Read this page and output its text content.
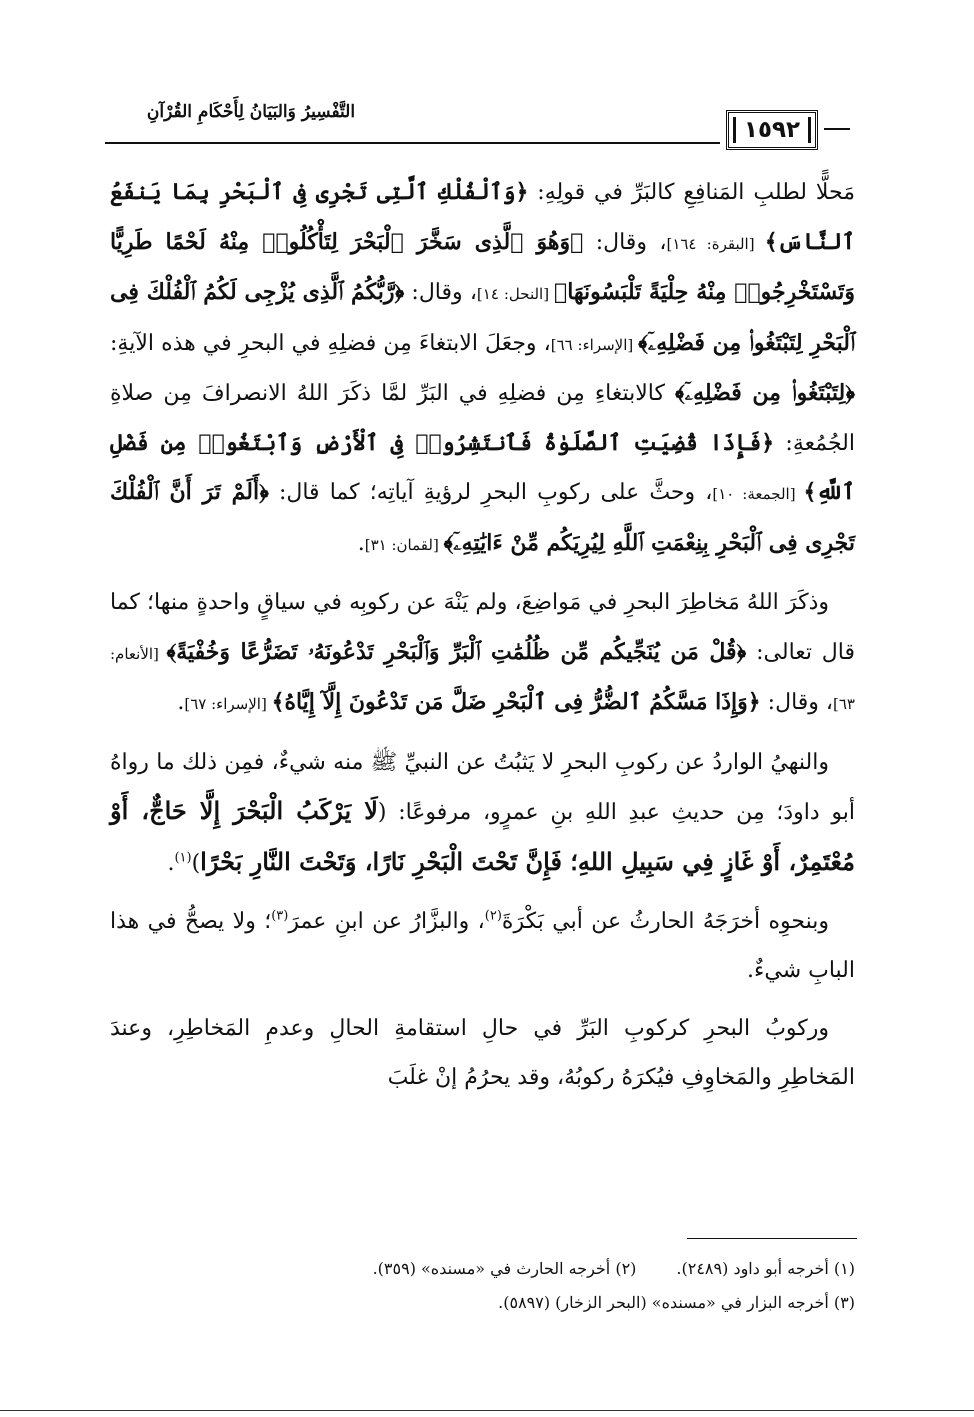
١٥٩٢
التَّفْسِيرُ وَالبَيَانُ لِأَحْكَامِ القُرْآنِ

مَحلًّا لطلبِ المَنافِعِ كالبَرِّ في قولِهِ: ﴿وَٱلْفُلْكِ ٱلَّتِى تَجْرِى فِى ٱلْبَحْرِ بِمَا يَنفَعُ ٱلنَّاسَ﴾ [البقرة: ١٦٤]، وقال: ﴿وَهُوَ ٱلَّذِى سَخَّرَ ٱلْبَحْرَ لِتَأْكُلُوا۟ مِنْهُ لَحْمًا طَرِيًّا وَتَسْتَخْرِجُوا۟ مِنْهُ حِلْيَةً تَلْبَسُونَهَا﴾ [النحل: ١٤]، وقال: ﴿رَّبُّكُمُ ٱلَّذِى يُزْجِى لَكُمُ ٱلْفُلْكَ فِى ٱلْبَحْرِ لِتَبْتَغُوا۟ مِن فَضْلِهِۦٓ﴾ [الإسراء: ٦٦]، وجعَلَ الابتغاءَ مِن فضلِهِ في البحرِ في هذه الآيةِ: ﴿لِتَبْتَغُوا۟ مِن فَضْلِهِۦٓ﴾ كالابتغاءِ مِن فضلِهِ في البَرِّ لمَّا ذكَرَ اللهُ الانصرافَ مِن صلاةِ الجُمُعةِ: ﴿فَإِذَا قُضِيَتِ ٱلصَّلَوٰةُ فَٱنتَشِرُوا۟ فِى ٱلْأَرْضِ وَٱبْتَغُوا۟ مِن فَضْلِ ٱللَّهِ﴾ [الجمعة: ١٠]، وحثَّ على ركوبِ البحرِ لرؤيةِ آياتِه؛ كما قال: ﴿أَلَمْ تَرَ أَنَّ ٱلْفُلْكَ تَجْرِى فِى ٱلْبَحْرِ بِنِعْمَتِ ٱللَّهِ لِيُرِيَكُم مِّنْ ءَايَٰتِهِۦٓ﴾ [لقمان: ٣١].

وذكَرَ اللهُ مَخاطِرَ البحرِ في مَواضِعَ، ولم يَنْهَ عن ركوبِه في سياقٍ واحدةٍ منها؛ كما قال تعالى: ﴿قُلْ مَن يُنَجِّيكُم مِّن ظُلُمَٰتِ ٱلْبَرِّ وَٱلْبَحْرِ تَدْعُونَهُۥ تَضَرُّعًا وَخُفْيَةً﴾ [الأنعام: ٦٣]، وقال: ﴿وَإِذَا مَسَّكُمُ ٱلضُّرُّ فِى ٱلْبَحْرِ ضَلَّ مَن تَدْعُونَ إِلَّآ إِيَّاهُ﴾ [الإسراء: ٦٧].

والنهيُ الواردُ عن ركوبِ البحرِ لا يَثبُتُ عن النبيِّ ﷺ منه شيءٌ، فمِن ذلك ما رواهُ أبو داودَ؛ مِن حديثِ عبدِ اللهِ بنِ عمرٍو، مرفوعًا: (لَا يَرْكَبُ الْبَحْرَ إِلَّا حَاجٌّ، أَوْ مُعْتَمِرٌ، أَوْ غَازٍ فِي سَبِيلِ اللهِ؛ فَإِنَّ تَحْتَ الْبَحْرِ نَارًا، وَتَحْتَ النَّارِ بَحْرًا)$^{(١)}$.

وبنحوِه أخرَجَهُ الحارثُ عن أبي بَكْرَةَ$^{(٢)}$، والبزَّارُ عن ابنِ عمرَ$^{(٣)}$؛ ولا يصحُّ في هذا البابِ شيءٌ.

وركوبُ البحرِ كركوبِ البَرِّ في حالِ استقامةِ الحالِ وعدمِ المَخاطِرِ، وعندَ المَخاطِرِ والمَخاوِفِ فيُكرَهُ ركوبُهُ، وقد يحرُمُ إنْ غلَبَ

(١) أخرجه أبو داود (٢٤٨٩).
(٢) أخرجه الحارث في «مسنده» (٣٥٩).
(٣) أخرجه البزار في «مسنده» (البحر الزخار) (٥٨٩٧).
